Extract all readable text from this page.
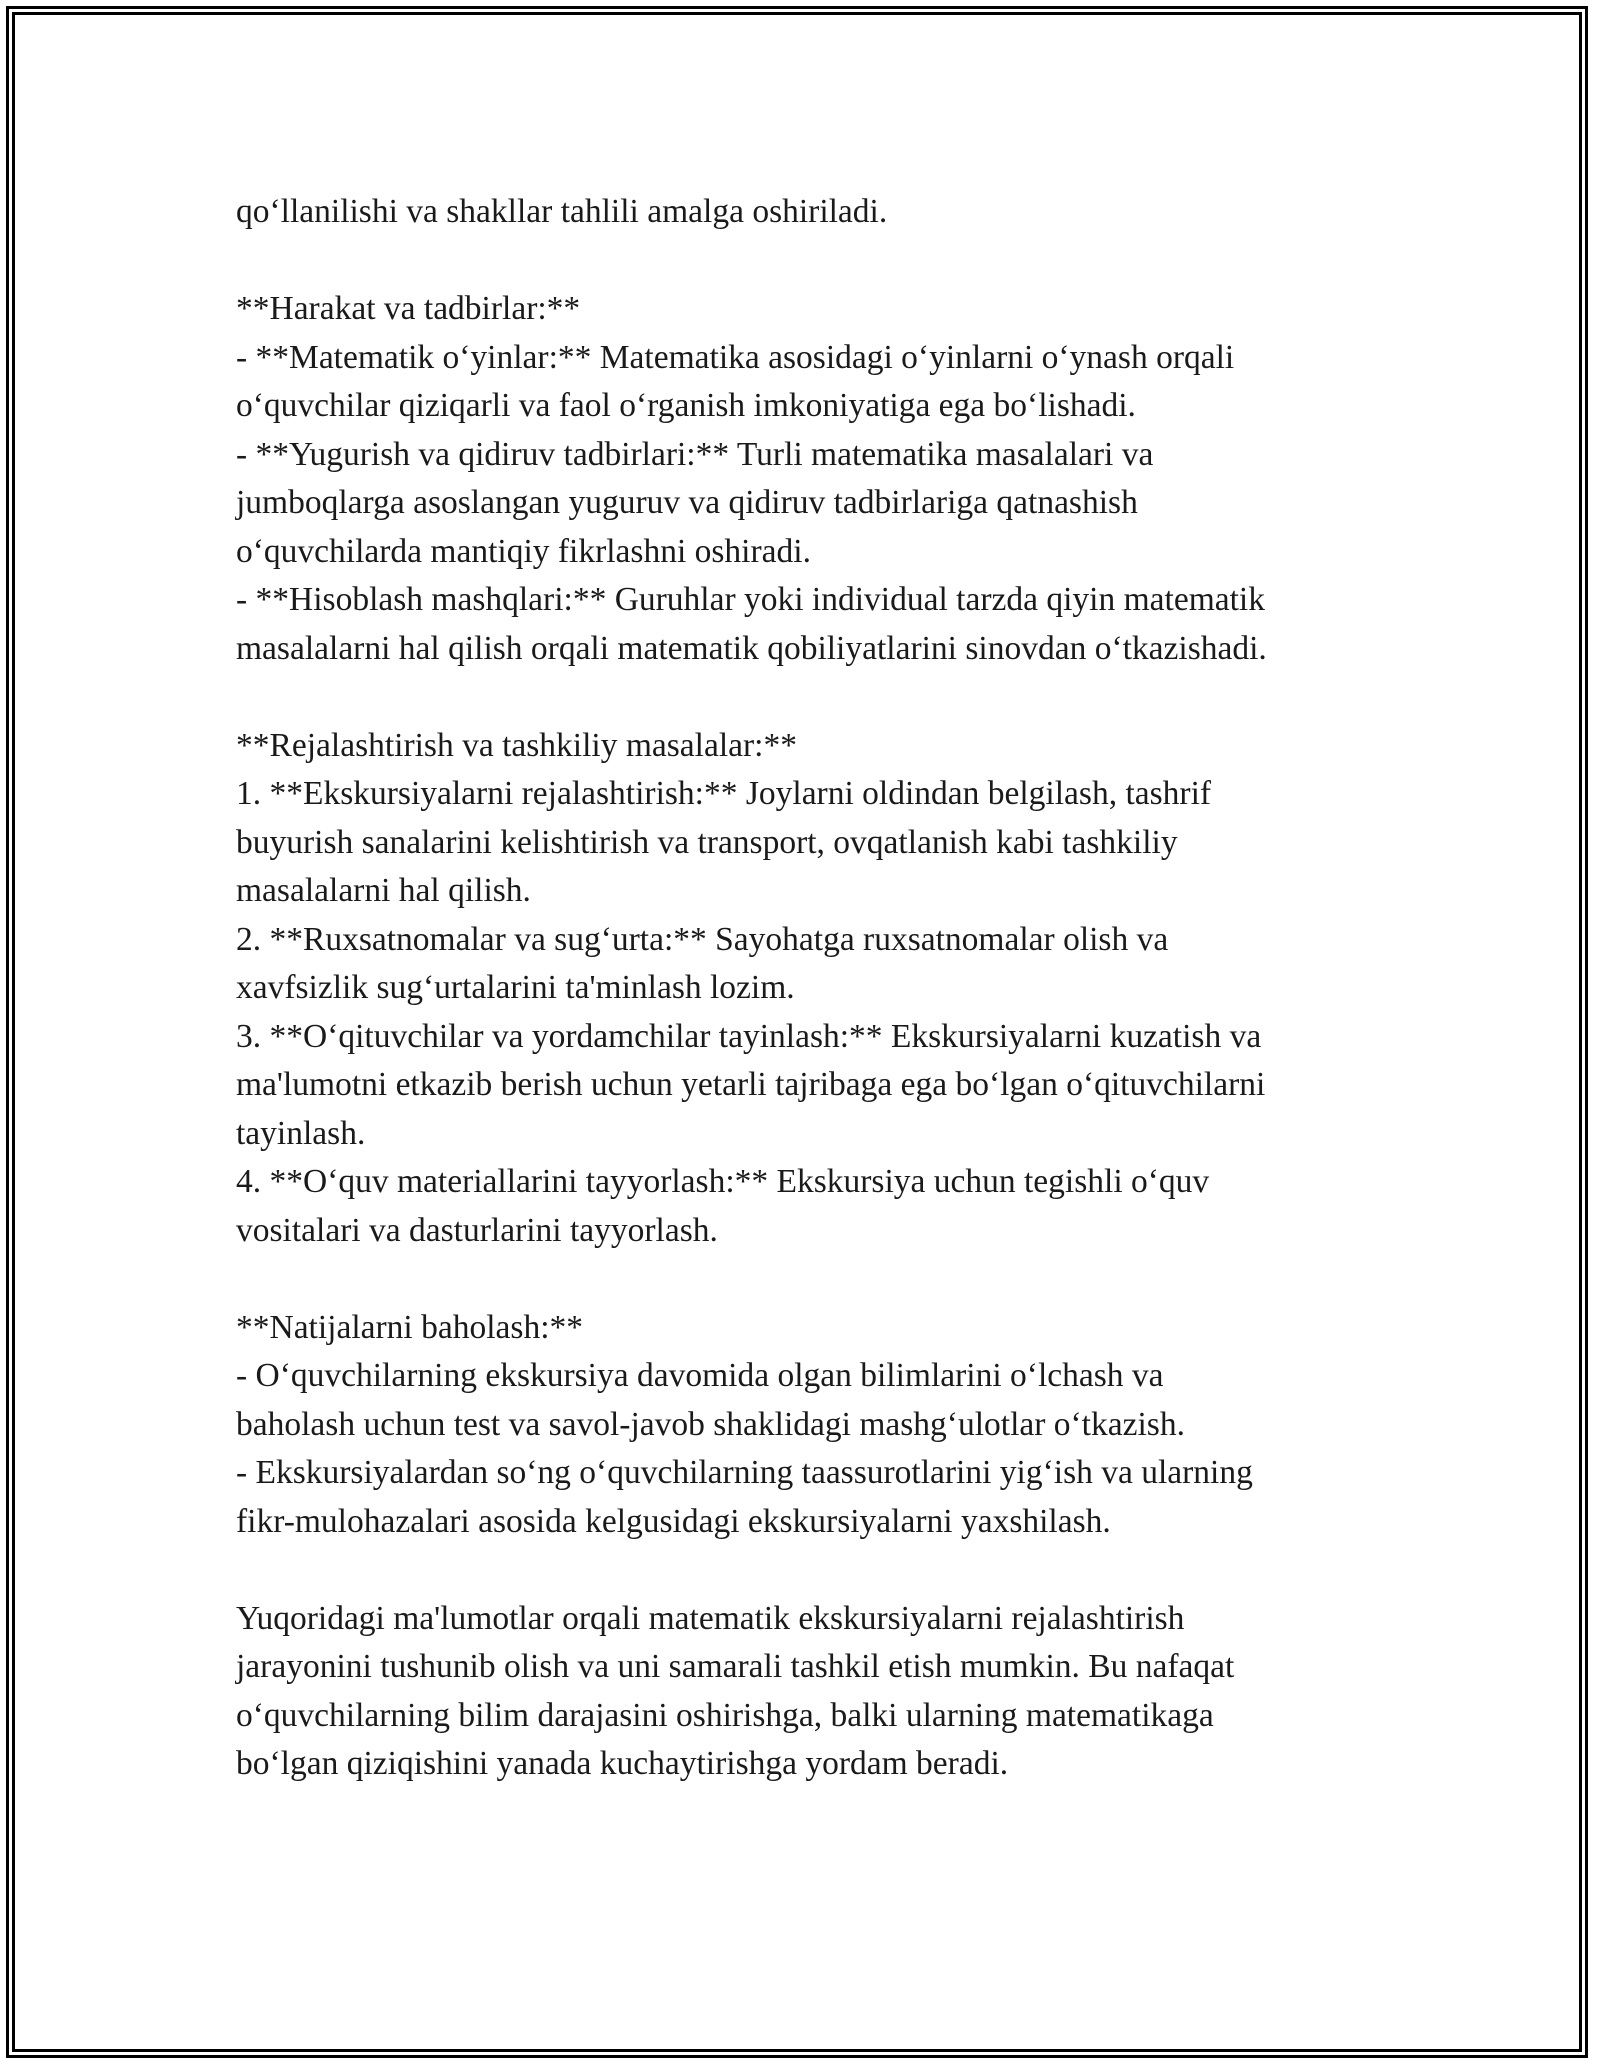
qo‘llanilishi va shakllar tahlili amalga oshiriladi.
**Harakat va tadbirlar:**
- **Matematik o‘yinlar:** Matematika asosidagi o‘yinlarni o‘ynash orqali
o‘quvchilar qiziqarli va faol o‘rganish imkoniyatiga ega bo‘lishadi.
- **Yugurish va qidiruv tadbirlari:** Turli matematika masalalari va
jumboqlarga asoslangan yuguruv va qidiruv tadbirlariga qatnashish
o‘quvchilarda mantiqiy fikrlashni oshiradi.
- **Hisoblash mashqlari:** Guruhlar yoki individual tarzda qiyin matematik
masalalarni hal qilish orqali matematik qobiliyatlarini sinovdan o‘tkazishadi.
**Rejalashtirish va tashkiliy masalalar:**
1. **Ekskursiyalarni rejalashtirish:** Joylarni oldindan belgilash, tashrif
buyurish sanalarini kelishtirish va transport, ovqatlanish kabi tashkiliy
masalalarni hal qilish.
2. **Ruxsatnomalar va sug‘urta:** Sayohatga ruxsatnomalar olish va
xavfsizlik sug‘urtalarini ta'minlash lozim.
3. **O‘qituvchilar va yordamchilar tayinlash:** Ekskursiyalarni kuzatish va
ma'lumotni etkazib berish uchun yetarli tajribaga ega bo‘lgan o‘qituvchilarni
tayinlash.
4. **O‘quv materiallarini tayyorlash:** Ekskursiya uchun tegishli o‘quv
vositalari va dasturlarini tayyorlash.
**Natijalarni baholash:**
- O‘quvchilarning ekskursiya davomida olgan bilimlarini o‘lchash va
baholash uchun test va savol-javob shaklidagi mashg‘ulotlar o‘tkazish.
- Ekskursiyalardan so‘ng o‘quvchilarning taassurotlarini yig‘ish va ularning
fikr-mulohazalari asosida kelgusidagi ekskursiyalarni yaxshilash.
Yuqoridagi ma'lumotlar orqali matematik ekskursiyalarni rejalashtirish
jarayonini tushunib olish va uni samarali tashkil etish mumkin. Bu nafaqat
o‘quvchilarning bilim darajasini oshirishga, balki ularning matematikaga
bo‘lgan qiziqishini yanada kuchaytirishga yordam beradi.
